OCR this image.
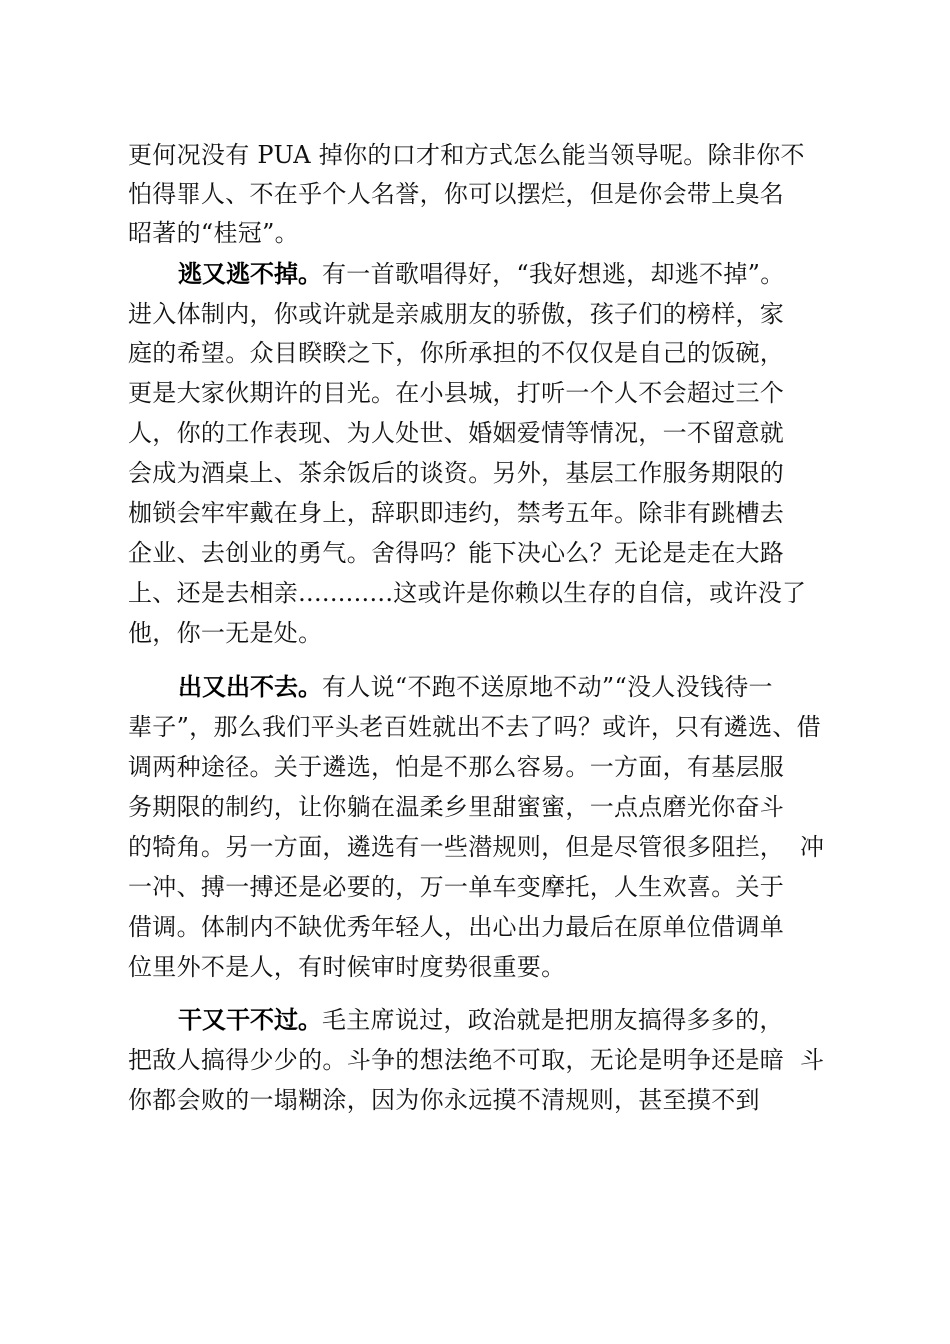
更何况没有 PUA 掉你的口才和方式怎么能当领导呢。除非你不
怕得罪人、不在乎个人名誉，你可以摆烂，但是你会带上臭名
昭著的“桂冠”。
逃又逃不掉。有一首歌唱得好，“我好想逃，却逃不掉”。
进入体制内，你或许就是亲戚朋友的骄傲，孩子们的榜样，家
庭的希望。众目睽睽之下，你所承担的不仅仅是自己的饭碗，
更是大家伙期许的目光。在小县城，打听一个人不会超过三个
人，你的工作表现、为人处世、婚姻爱情等情况，一不留意就
会成为酒桌上、茶余饭后的谈资。另外，基层工作服务期限的
枷锁会牢牢戴在身上，辞职即违约，禁考五年。除非有跳槽去
企业、去创业的勇气。舍得吗？能下决心么？无论是走在大路
上、还是去相亲............这或许是你赖以生存的自信，或许没了
他，你一无是处。
出又出不去。有人说“不跑不送原地不动”“没人没钱待一
辈子”，那么我们平头老百姓就出不去了吗？或许，只有遴选、借
调两种途径。关于遴选，怕是不那么容易。一方面，有基层服
务期限的制约，让你躺在温柔乡里甜蜜蜜，一点点磨光你奋斗
的犄角。另一方面，遴选有一些潜规则，但是尽管很多阻拦，  冲
一冲、搏一搏还是必要的，万一单车变摩托，人生欢喜。关于
借调。体制内不缺优秀年轻人，出心出力最后在原单位借调单
位里外不是人，有时候审时度势很重要。
干又干不过。毛主席说过，政治就是把朋友搞得多多的，
把敌人搞得少少的。斗争的想法绝不可取，无论是明争还是暗  斗
你都会败的一塌糊涂，因为你永远摸不清规则，甚至摸不到
